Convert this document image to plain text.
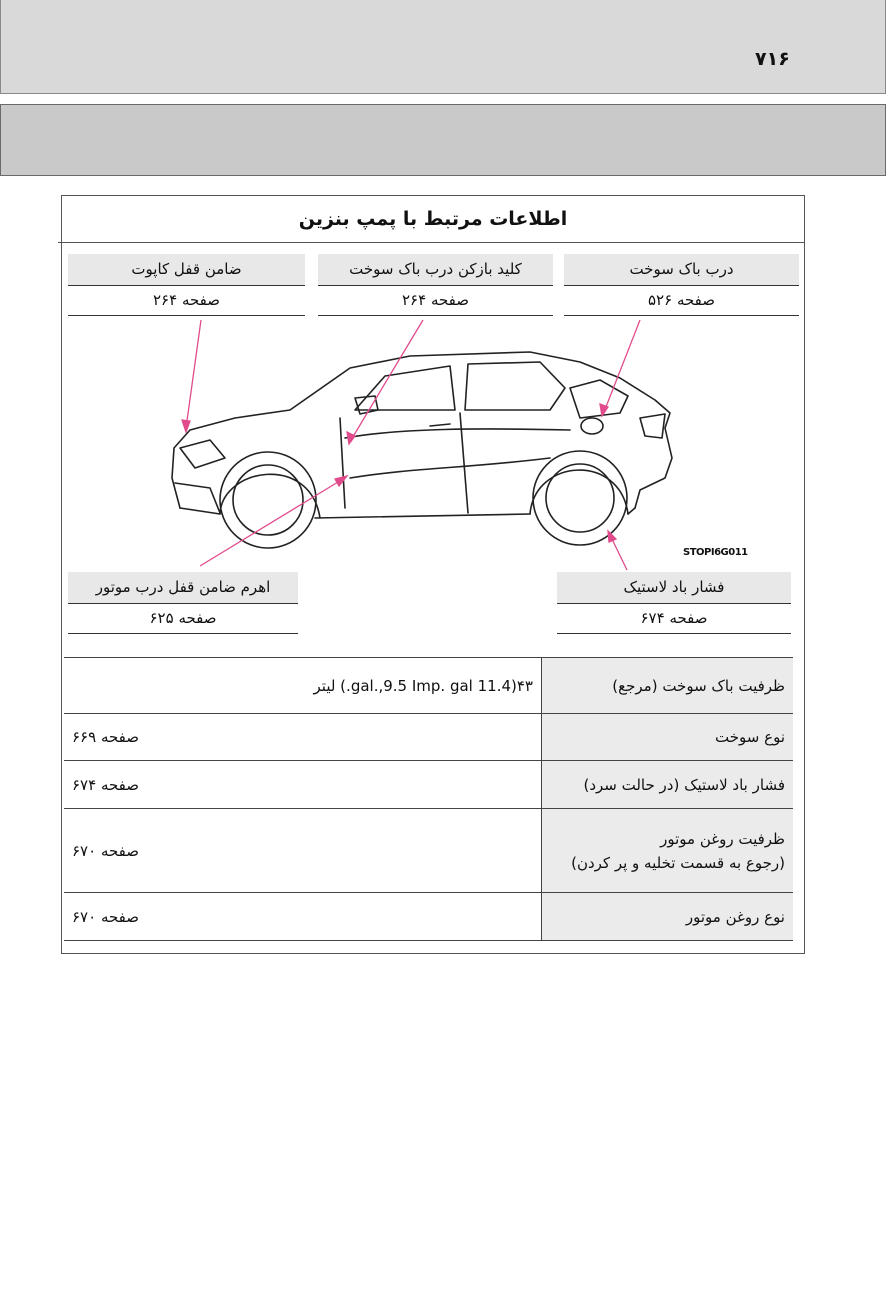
۷۱۶
اطلاعات مرتبط با پمپ بنزین
ضامن قفل کاپوت
صفحه ۲۶۴
کلید بازکن درب باک سوخت
صفحه ۲۶۴
درب باک سوخت
صفحه ۵۲۶
STOPI6G011
اهرم ضامن قفل درب موتور
صفحه ۶۲۵
فشار باد لاستیک
صفحه ۶۷۴
۴۳(11.4 gal.,9.5 Imp. gal.) لیتر	ظرفیت باک سوخت (مرجع)
صفحه ۶۶۹	نوع سوخت
صفحه ۶۷۴	فشار باد لاستیک (در حالت سرد)
صفحه ۶۷۰	ظرفیت روغن موتور
(رجوع به قسمت تخلیه و پر کردن)

صفحه ۶۷۰	نوع روغن موتور
